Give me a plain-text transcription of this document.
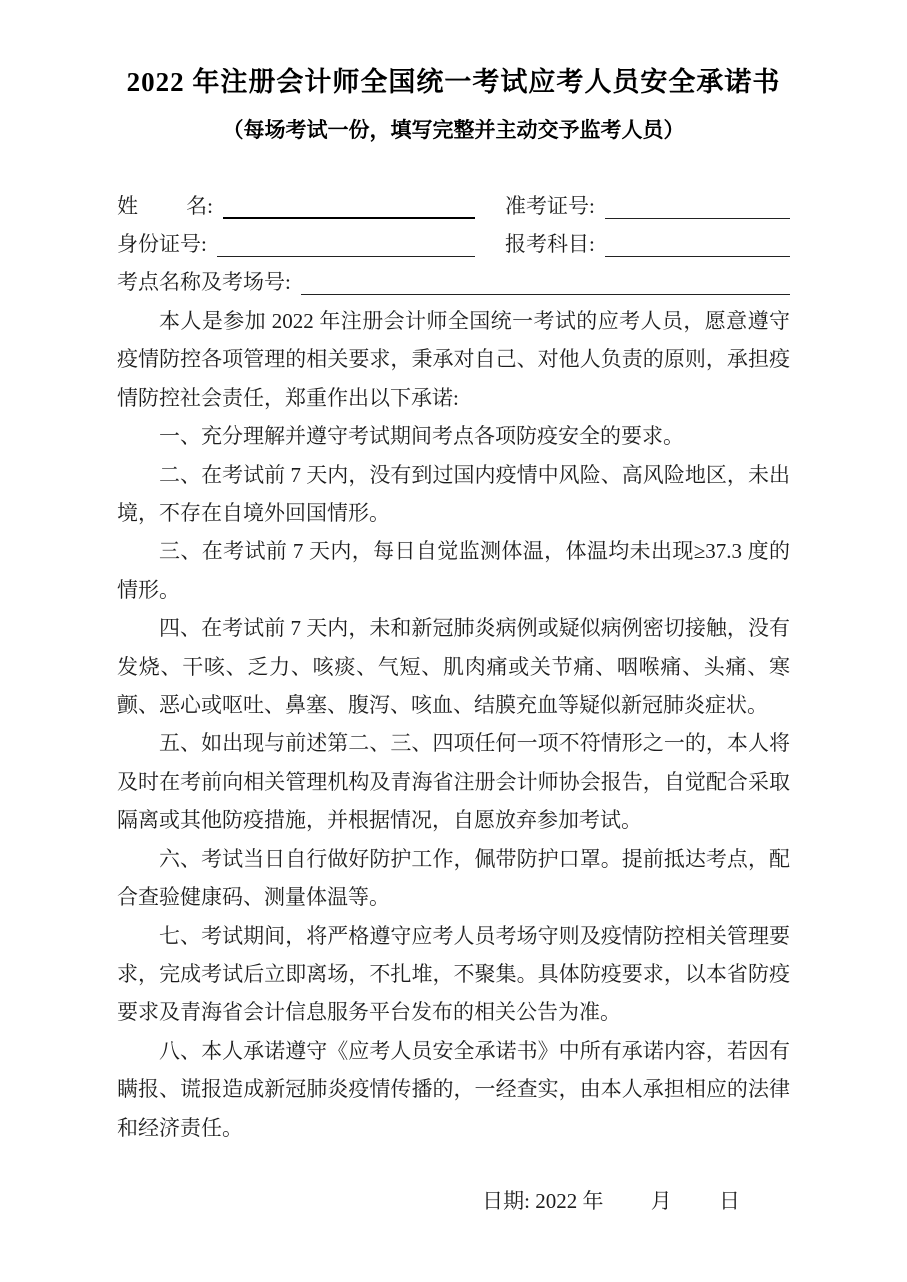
2022 年注册会计师全国统一考试应考人员安全承诺书
（每场考试一份，填写完整并主动交予监考人员）
姓 名:	准考证号:
身份证号:	报考科目:
考点名称及考场号:

本人是参加 2022 年注册会计师全国统一考试的应考人员，愿意遵守疫情防控各项管理的相关要求，秉承对自己、对他人负责的原则，承担疫情防控社会责任，郑重作出以下承诺:

一、充分理解并遵守考试期间考点各项防疫安全的要求。

二、在考试前 7 天内，没有到过国内疫情中风险、高风险地区，未出境，不存在自境外回国情形。

三、在考试前 7 天内，每日自觉监测体温，体温均未出现≥37.3 度的情形。

四、在考试前 7 天内，未和新冠肺炎病例或疑似病例密切接触，没有发烧、干咳、乏力、咳痰、气短、肌肉痛或关节痛、咽喉痛、头痛、寒颤、恶心或呕吐、鼻塞、腹泻、咳血、结膜充血等疑似新冠肺炎症状。

五、如出现与前述第二、三、四项任何一项不符情形之一的，本人将及时在考前向相关管理机构及青海省注册会计师协会报告，自觉配合采取隔离或其他防疫措施，并根据情况，自愿放弃参加考试。

六、考试当日自行做好防护工作，佩带防护口罩。提前抵达考点，配合查验健康码、测量体温等。

七、考试期间，将严格遵守应考人员考场守则及疫情防控相关管理要求，完成考试后立即离场，不扎堆，不聚集。具体防疫要求，以本省防疫要求及青海省会计信息服务平台发布的相关公告为准。

八、本人承诺遵守《应考人员安全承诺书》中所有承诺内容，若因有瞒报、谎报造成新冠肺炎疫情传播的，一经查实，由本人承担相应的法律和经济责任。

日期: 2022 年 月 日
